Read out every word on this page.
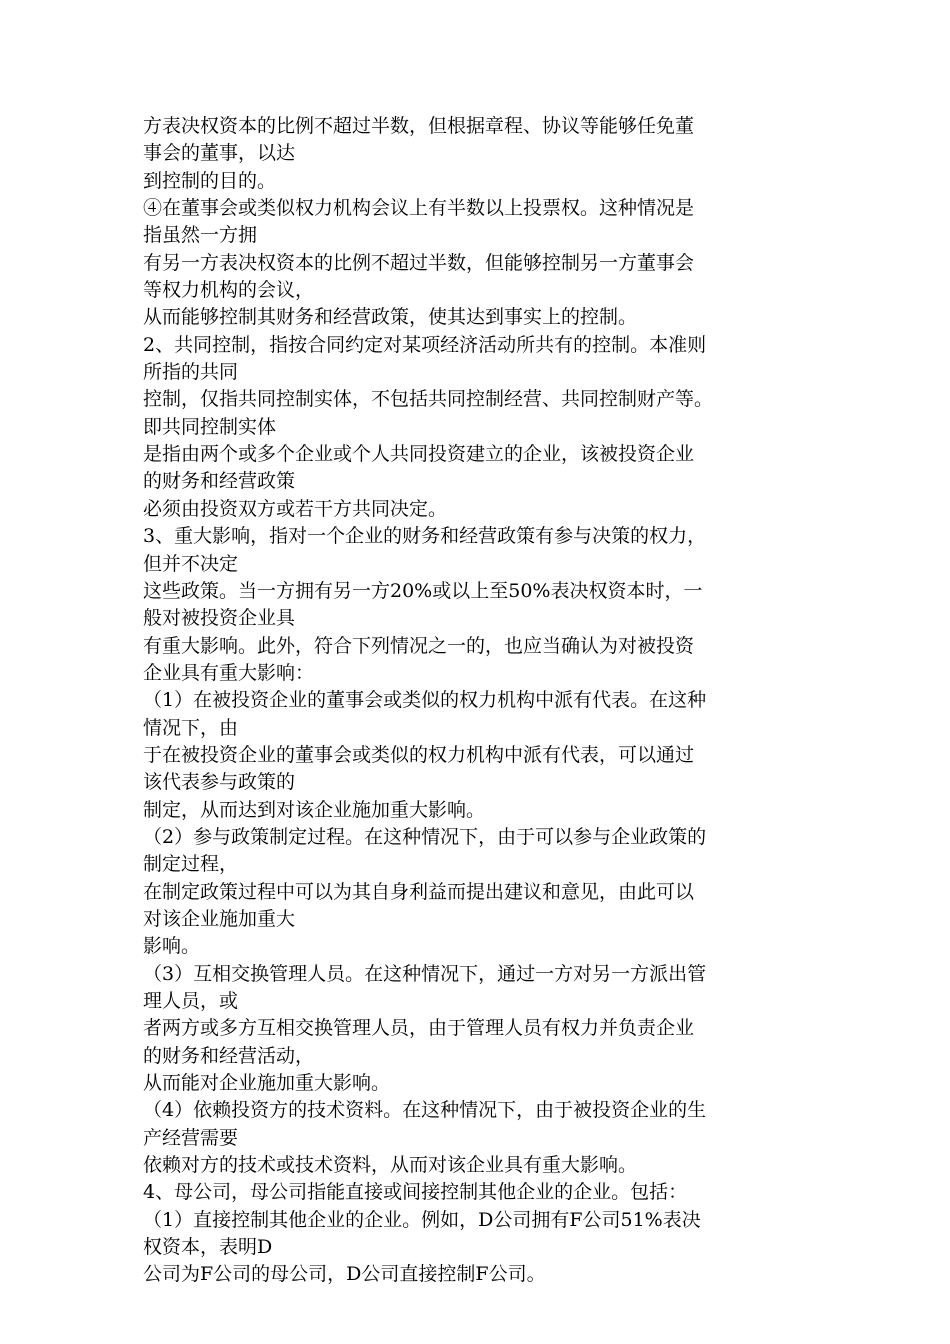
方表决权资本的比例不超过半数，但根据章程、协议等能够任免董
事会的董事，以达
到控制的目的。
④在董事会或类似权力机构会议上有半数以上投票权。这种情况是
指虽然一方拥
有另一方表决权资本的比例不超过半数，但能够控制另一方董事会
等权力机构的会议，
从而能够控制其财务和经营政策，使其达到事实上的控制。
2、共同控制，指按合同约定对某项经济活动所共有的控制。本准则
所指的共同
控制，仅指共同控制实体，不包括共同控制经营、共同控制财产等。
即共同控制实体
是指由两个或多个企业或个人共同投资建立的企业，该被投资企业
的财务和经营政策
必须由投资双方或若干方共同决定。
3、重大影响，指对一个企业的财务和经营政策有参与决策的权力，
但并不决定
这些政策。当一方拥有另一方20%或以上至50%表决权资本时，一
般对被投资企业具
有重大影响。此外，符合下列情况之一的，也应当确认为对被投资
企业具有重大影响：
（1）在被投资企业的董事会或类似的权力机构中派有代表。在这种
情况下，由
于在被投资企业的董事会或类似的权力机构中派有代表，可以通过
该代表参与政策的
制定，从而达到对该企业施加重大影响。
（2）参与政策制定过程。在这种情况下，由于可以参与企业政策的
制定过程，
在制定政策过程中可以为其自身利益而提出建议和意见，由此可以
对该企业施加重大
影响。
（3）互相交换管理人员。在这种情况下，通过一方对另一方派出管
理人员，或
者两方或多方互相交换管理人员，由于管理人员有权力并负责企业
的财务和经营活动，
从而能对企业施加重大影响。
（4）依赖投资方的技术资料。在这种情况下，由于被投资企业的生
产经营需要
依赖对方的技术或技术资料，从而对该企业具有重大影响。
4、母公司，母公司指能直接或间接控制其他企业的企业。包括：
（1）直接控制其他企业的企业。例如，D公司拥有F公司51%表决
权资本，表明D
公司为F公司的母公司，D公司直接控制F公司。
